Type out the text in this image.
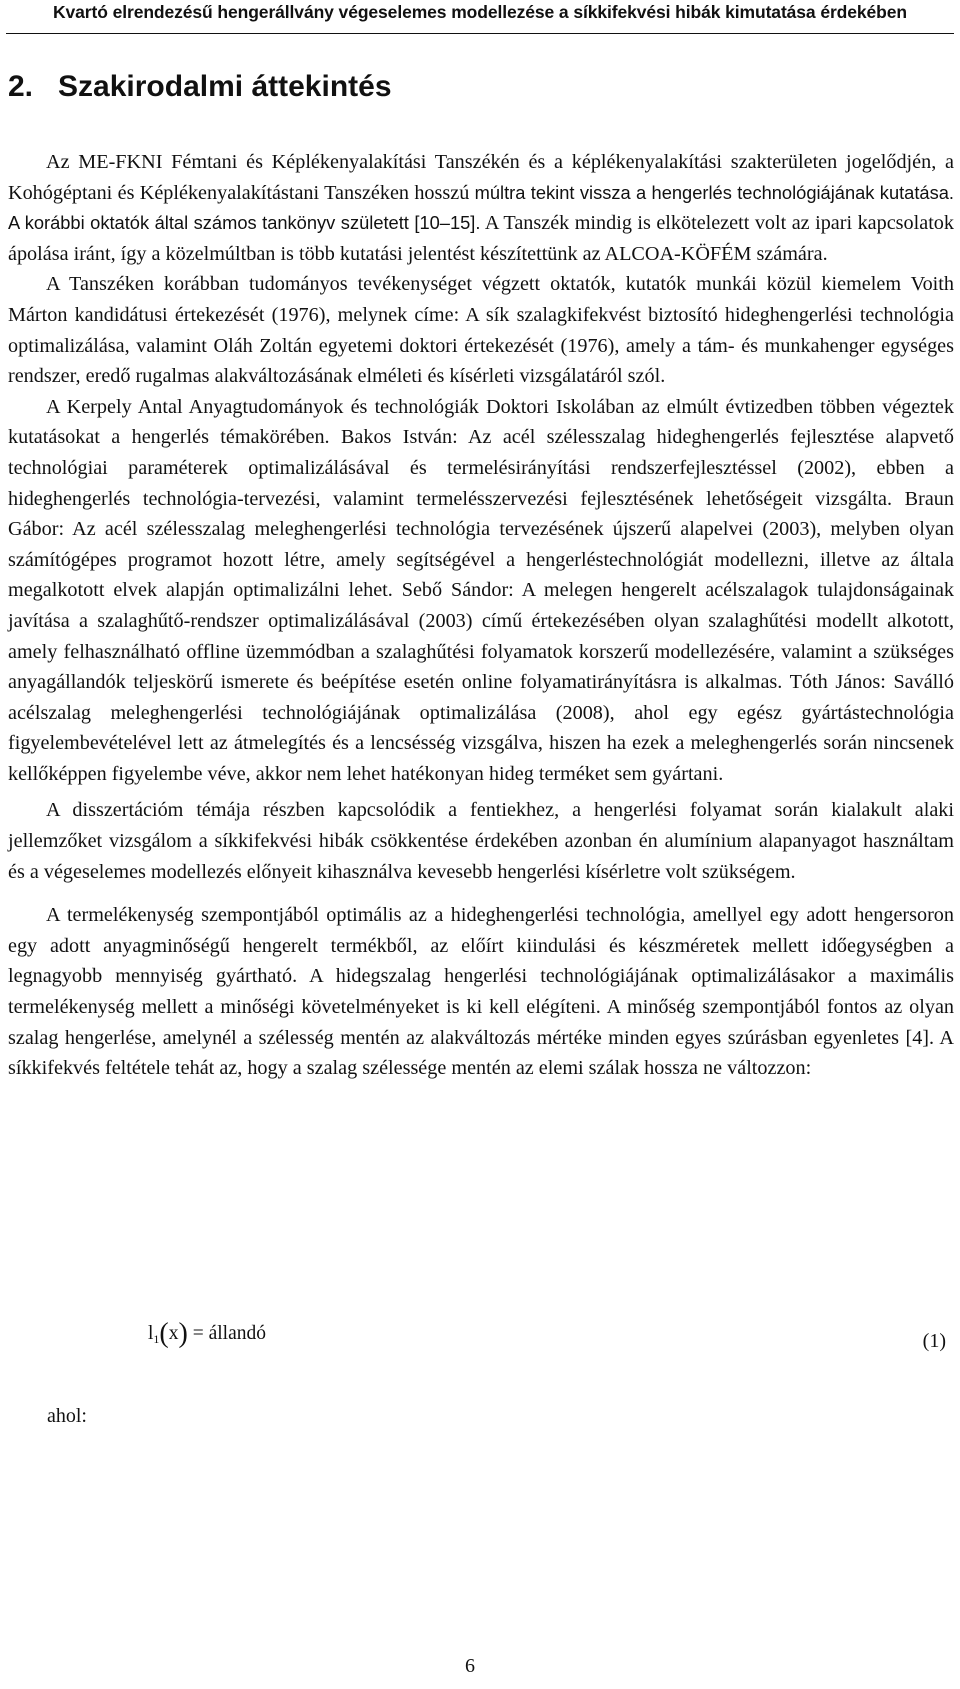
Kvartó elrendezésű hengerállvány végeselemes modellezése a síkkifekvési hibák kimutatása érdekében
2. Szakirodalmi áttekintés

Az ME-FKNI Fémtani és Képlékenyalakítási Tanszékén és a képlékenyalakítási szakterületen jogelődjén, a Kohógéptani és Képlékenyalakítástani Tanszéken hosszú múltra tekint vissza a hengerlés technológiájának kutatása. A korábbi oktatók által számos tankönyv született [10–15]. A Tanszék mindig is elkötelezett volt az ipari kapcsolatok ápolása iránt, így a közelmúltban is több kutatási jelentést készítettünk az ALCOA-KÖFÉM számára.

A Tanszéken korábban tudományos tevékenységet végzett oktatók, kutatók munkái közül kiemelem Voith Márton kandidátusi értekezését (1976), melynek címe: A sík szalagkifekvést biztosító hideghengerlési technológia optimalizálása, valamint Oláh Zoltán egyetemi doktori értekezését (1976), amely a tám- és munkahenger egységes rendszer, eredő rugalmas alakváltozásának elméleti és kísérleti vizsgálatáról szól.

A Kerpely Antal Anyagtudományok és technológiák Doktori Iskolában az elmúlt évtizedben többen végeztek kutatásokat a hengerlés témakörében. Bakos István: Az acél szélesszalag hideghengerlés fejlesztése alapvető technológiai paraméterek optimalizálásával és termelésirányítási rendszerfejlesztéssel (2002), ebben a hideghengerlés technológia-tervezési, valamint termelésszervezési fejlesztésének lehetőségeit vizsgálta. Braun Gábor: Az acél szélesszalag meleghengerlési technológia tervezésének újszerű alapelvei (2003), melyben olyan számítógépes programot hozott létre, amely segítségével a hengerléstechnológiát modellezni, illetve az általa megalkotott elvek alapján optimalizálni lehet. Sebő Sándor: A melegen hengerelt acélszalagok tulajdonságainak javítása a szalaghűtő-rendszer optimalizálásával (2003) című értekezésében olyan szalaghűtési modellt alkotott, amely felhasználható offline üzemmódban a szalaghűtési folyamatok korszerű modellezésére, valamint a szükséges anyagállandók teljeskörű ismerete és beépítése esetén online folyamatirányításra is alkalmas. Tóth János: Saválló acélszalag meleghengerlési technológiájának optimalizálása (2008), ahol egy egész gyártástechnológia figyelembevételével lett az átmelegítés és a lencsésség vizsgálva, hiszen ha ezek a meleghengerlés során nincsenek kellőképpen figyelembe véve, akkor nem lehet hatékonyan hideg terméket sem gyártani.

A disszertációm témája részben kapcsolódik a fentiekhez, a hengerlési folyamat során kialakult alaki jellemzőket vizsgálom a síkkifekvési hibák csökkentése érdekében azonban én alumínium alapanyagot használtam és a végeselemes modellezés előnyeit kihasználva kevesebb hengerlési kísérletre volt szükségem.

A termelékenység szempontjából optimális az a hideghengerlési technológia, amellyel egy adott hengersoron egy adott anyagminőségű hengerelt termékből, az előírt kiindulási és készméretek mellett időegységben a legnagyobb mennyiség gyártható. A hidegszalag hengerlési technológiájának optimalizálásakor a maximális termelékenység mellett a minőségi követelményeket is ki kell elégíteni. A minőség szempontjából fontos az olyan szalag hengerlése, amelynél a szélesség mentén az alakváltozás mértéke minden egyes szúrásban egyenletes [4]. A síkkifekvés feltétele tehát az, hogy a szalag szélessége mentén az elemi szálak hossza ne változzon:

$l_1(x)$ = állandó	(1)
ahol:
6
